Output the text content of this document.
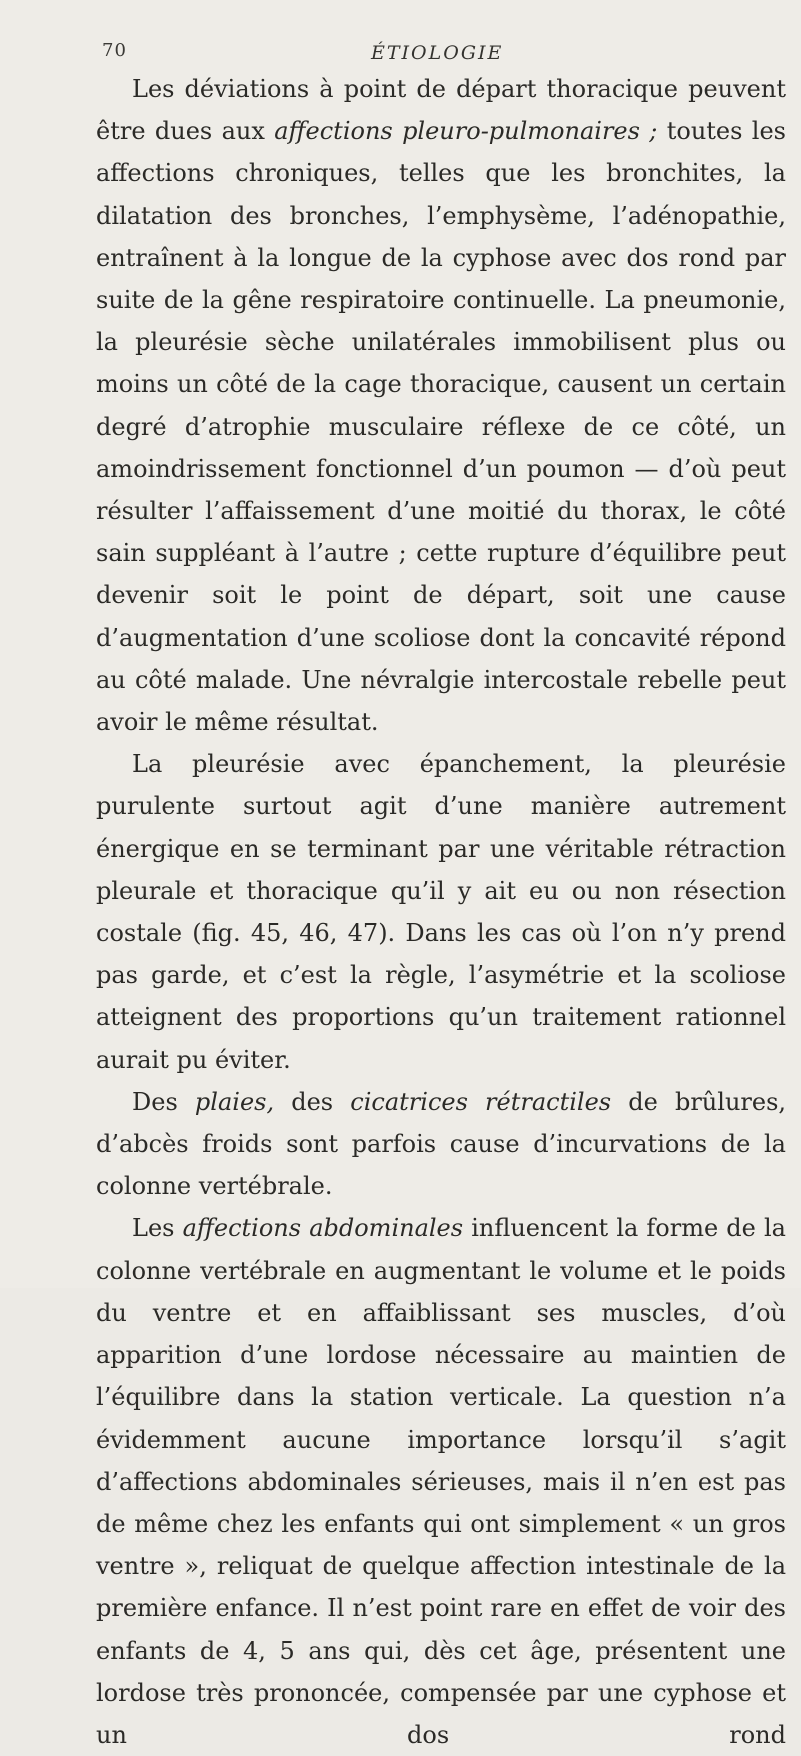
70	ÉTIOLOGIE

Les déviations à point de départ thoracique peuvent être dues aux affections pleuro-pulmonaires ; toutes les affections chroniques, telles que les bronchites, la dilatation des bronches, l’emphysème, l’adénopathie, entraînent à la longue de la cyphose avec dos rond par suite de la gêne respiratoire continuelle. La pneumonie, la pleurésie sèche unilatérales immobilisent plus ou moins un côté de la cage thoracique, causent un certain degré d’atrophie musculaire réflexe de ce côté, un amoindrissement fonctionnel d’un poumon — d’où peut résulter l’affaissement d’une moitié du thorax, le côté sain suppléant à l’autre ; cette rupture d’équilibre peut devenir soit le point de départ, soit une cause d’augmentation d’une scoliose dont la concavité répond au côté malade. Une névralgie intercostale rebelle peut avoir le même résultat.

La pleurésie avec épanchement, la pleurésie purulente surtout agit d’une manière autrement énergique en se terminant par une véritable rétraction pleurale et thoracique qu’il y ait eu ou non résection costale (fig. 45, 46, 47). Dans les cas où l’on n’y prend pas garde, et c’est la règle, l’asymétrie et la scoliose atteignent des proportions qu’un traitement rationnel aurait pu éviter.

Des plaies, des cicatrices rétractiles de brûlures, d’abcès froids sont parfois cause d’incurvations de la colonne vertébrale.

Les affections abdominales influencent la forme de la colonne vertébrale en augmentant le volume et le poids du ventre et en affaiblissant ses muscles, d’où apparition d’une lordose nécessaire au maintien de l’équilibre dans la station verticale. La question n’a évidemment aucune importance lorsqu’il s’agit d’affections abdominales sérieuses, mais il n’en est pas de même chez les enfants qui ont simplement « un gros ventre », reliquat de quelque affection intestinale de la première enfance. Il n’est point rare en effet de voir des enfants de 4, 5 ans qui, dès cet âge, présentent une lordose très prononcée, compensée par une cyphose et un dos rond
